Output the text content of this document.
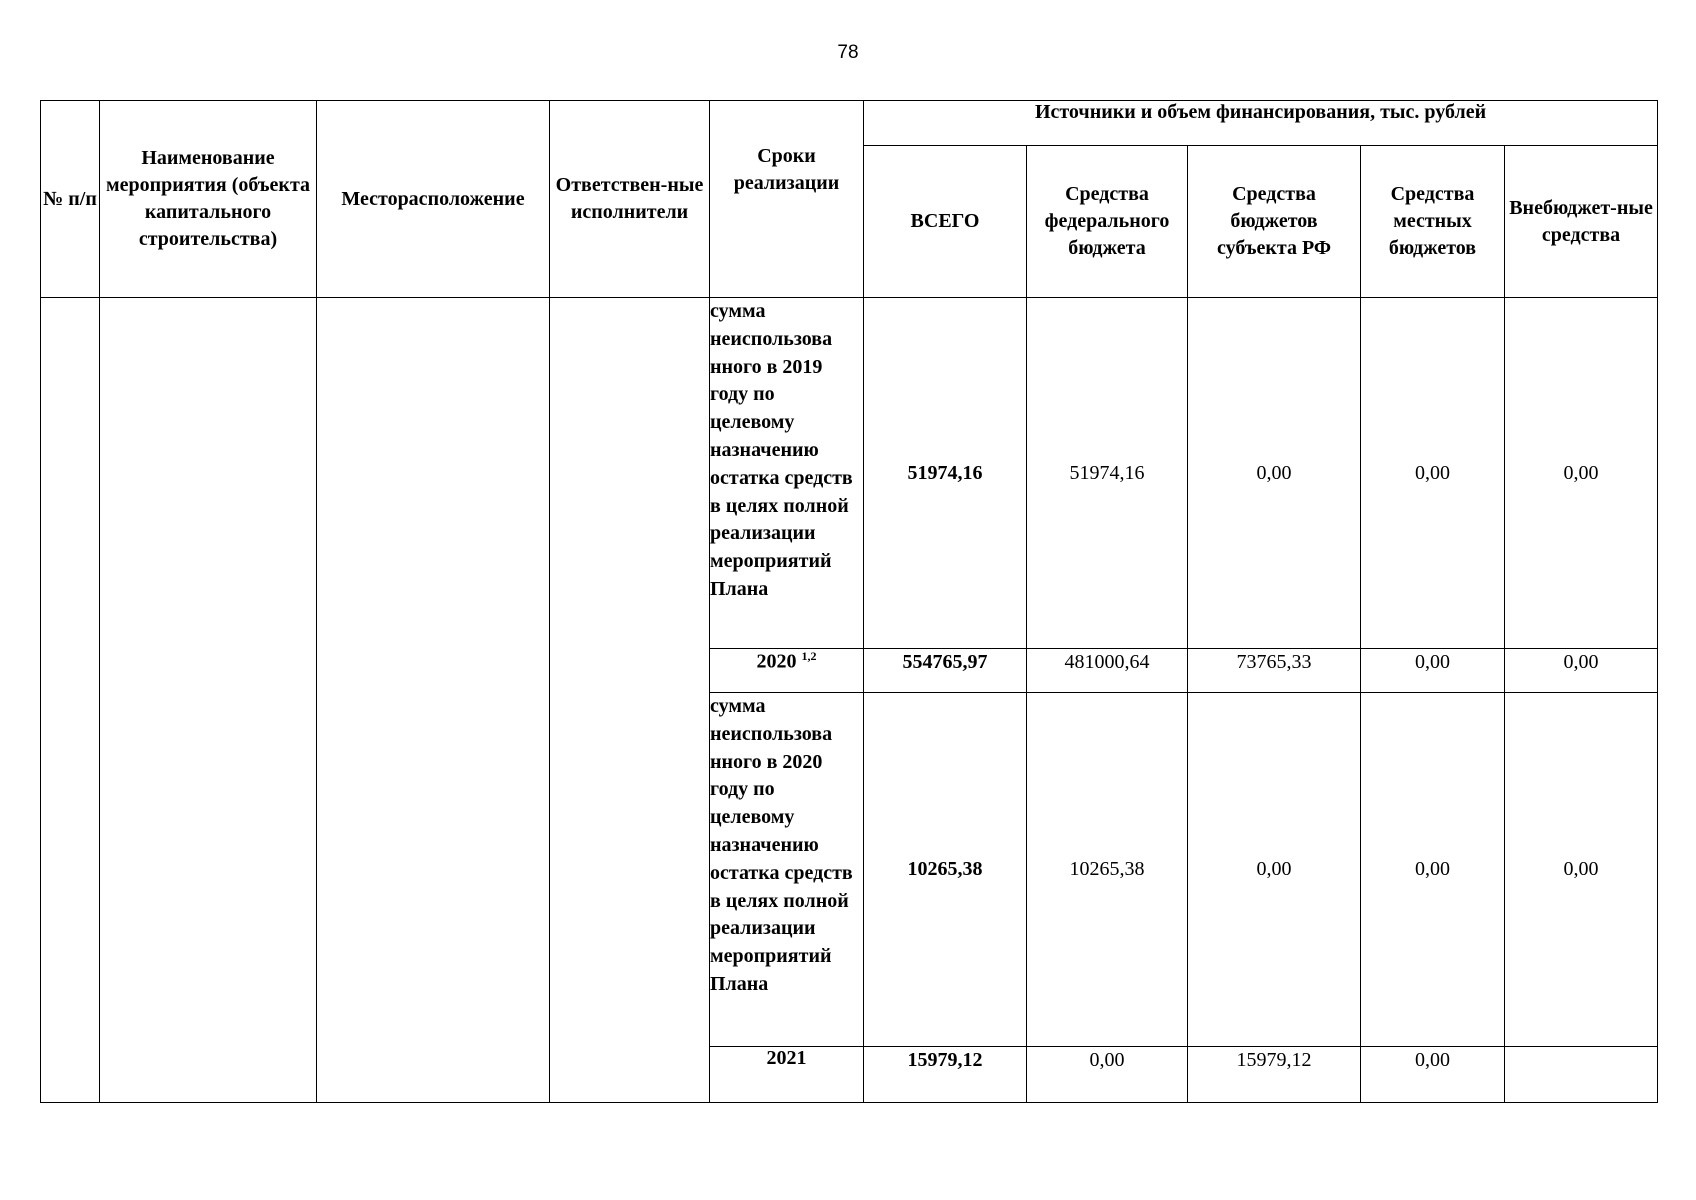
78
№ п/п	Наименование мероприятия (объекта капитального строительства)	Месторасположение	Ответствен-ные исполнители	Сроки реализации	Источники и объем финансирования, тыс. рублей				
					ВСЕГО	Средства федерального бюджета	Средства бюджетов субъекта РФ	Средства местных бюджетов	Внебюджет-ные средства
				сумма неиспользова нного в 2019 году по целевому назначению остатка средств в целях полной реализации мероприятий Плана	51974,16	51974,16	0,00	0,00	0,00
				2020 $^{1,2}$	554765,97	481000,64	73765,33	0,00	0,00
				сумма неиспользова нного в 2020 году по целевому назначению остатка средств в целях полной реализации мероприятий Плана	10265,38	10265,38	0,00	0,00	0,00
				2021	15979,12	0,00	15979,12	0,00	
